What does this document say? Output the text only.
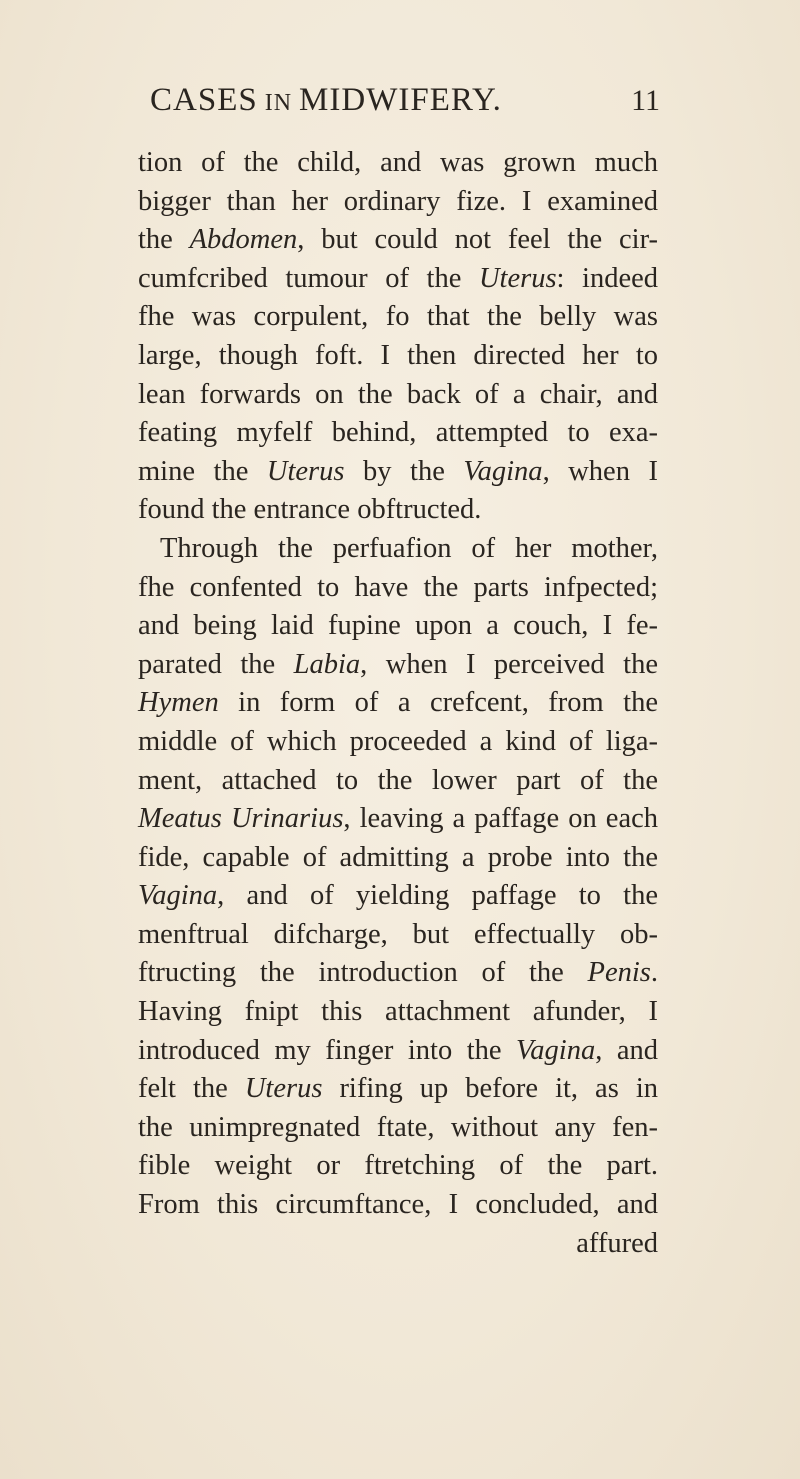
CASES IN MIDWIFERY.	11
tion of the child, and was grown much
bigger than her ordinary fize. I examined
the Abdomen, but could not feel the cir-
cumfcribed tumour of the Uterus: indeed
fhe was corpulent, fo that the belly was
large, though foft. I then directed her to
lean forwards on the back of a chair, and
feating myfelf behind, attempted to exa-
mine the Uterus by the Vagina, when I
found the entrance obftructed.
Through the perfuafion of her mother,
fhe confented to have the parts infpected;
and being laid fupine upon a couch, I fe-
parated the Labia, when I perceived the
Hymen in form of a crefcent, from the
middle of which proceeded a kind of liga-
ment, attached to the lower part of the
Meatus Urinarius, leaving a paffage on each
fide, capable of admitting a probe into the
Vagina, and of yielding paffage to the
menftrual difcharge, but effectually ob-
ftructing the introduction of the Penis.
Having fnipt this attachment afunder, I
introduced my finger into the Vagina, and
felt the Uterus rifing up before it, as in
the unimpregnated ftate, without any fen-
fible weight or ftretching of the part.
From this circumftance, I concluded, and
affured
